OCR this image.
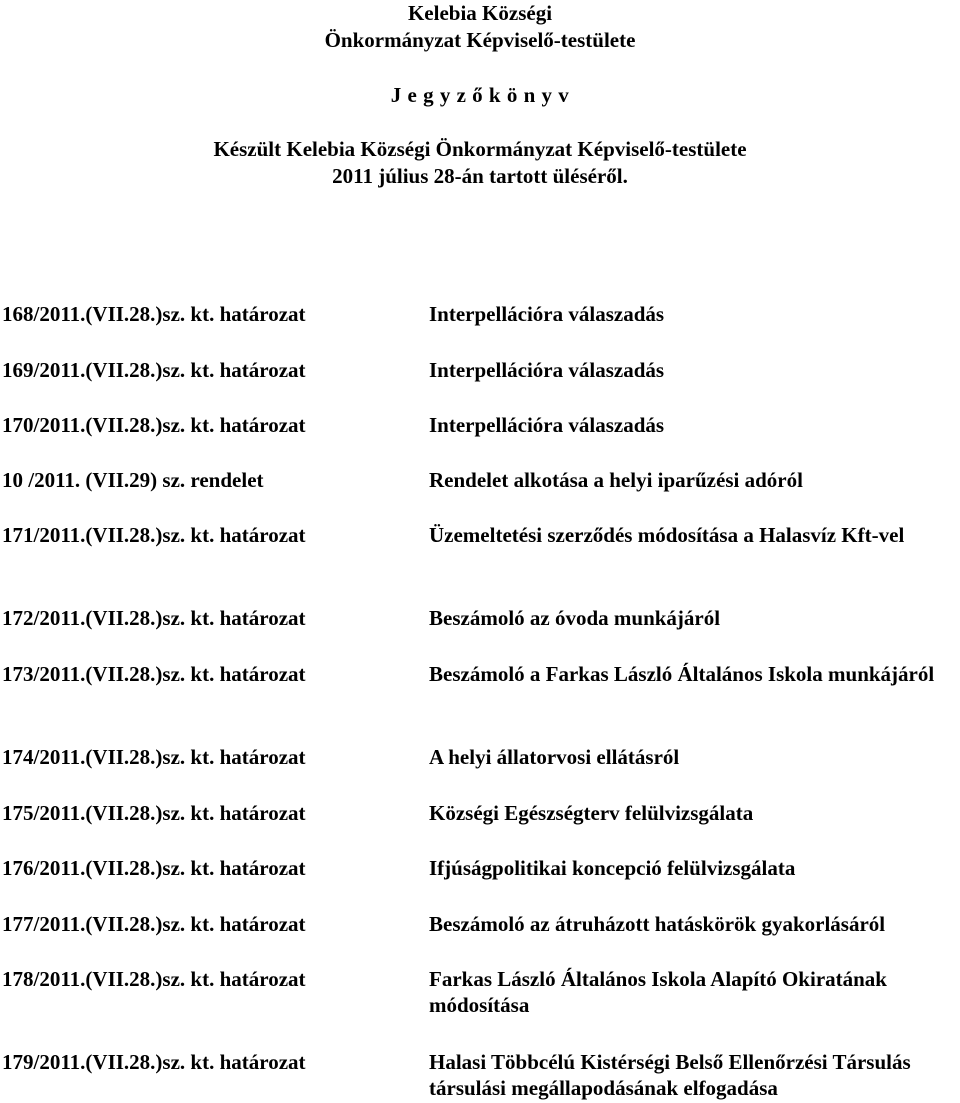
Kelebia Községi
Önkormányzat Képviselő-testülete
J e g y z ő k ö n y v
Készült Kelebia Községi Önkormányzat Képviselő-testülete
2011 július 28-án tartott üléséről.
168/2011.(VII.28.)sz. kt. határozat	Interpellációra válaszadás
169/2011.(VII.28.)sz. kt. határozat	Interpellációra válaszadás
170/2011.(VII.28.)sz. kt. határozat	Interpellációra válaszadás
10 /2011. (VII.29) sz. rendelet	Rendelet alkotása a helyi iparűzési adóról
171/2011.(VII.28.)sz. kt. határozat	Üzemeltetési szerződés módosítása a Halasvíz Kft-vel
172/2011.(VII.28.)sz. kt. határozat	Beszámoló az óvoda munkájáról
173/2011.(VII.28.)sz. kt. határozat	Beszámoló a Farkas László Általános Iskola munkájáról
174/2011.(VII.28.)sz. kt. határozat	A helyi állatorvosi ellátásról
175/2011.(VII.28.)sz. kt. határozat	Községi Egészségterv felülvizsgálata
176/2011.(VII.28.)sz. kt. határozat	Ifjúságpolitikai koncepció felülvizsgálata
177/2011.(VII.28.)sz. kt. határozat	Beszámoló az átruházott hatáskörök gyakorlásáról
178/2011.(VII.28.)sz. kt. határozat	Farkas László Általános Iskola Alapító Okiratának módosítása
179/2011.(VII.28.)sz. kt. határozat	Halasi Többcélú Kistérségi Belső Ellenőrzési Társulás társulási megállapodásának elfogadása
